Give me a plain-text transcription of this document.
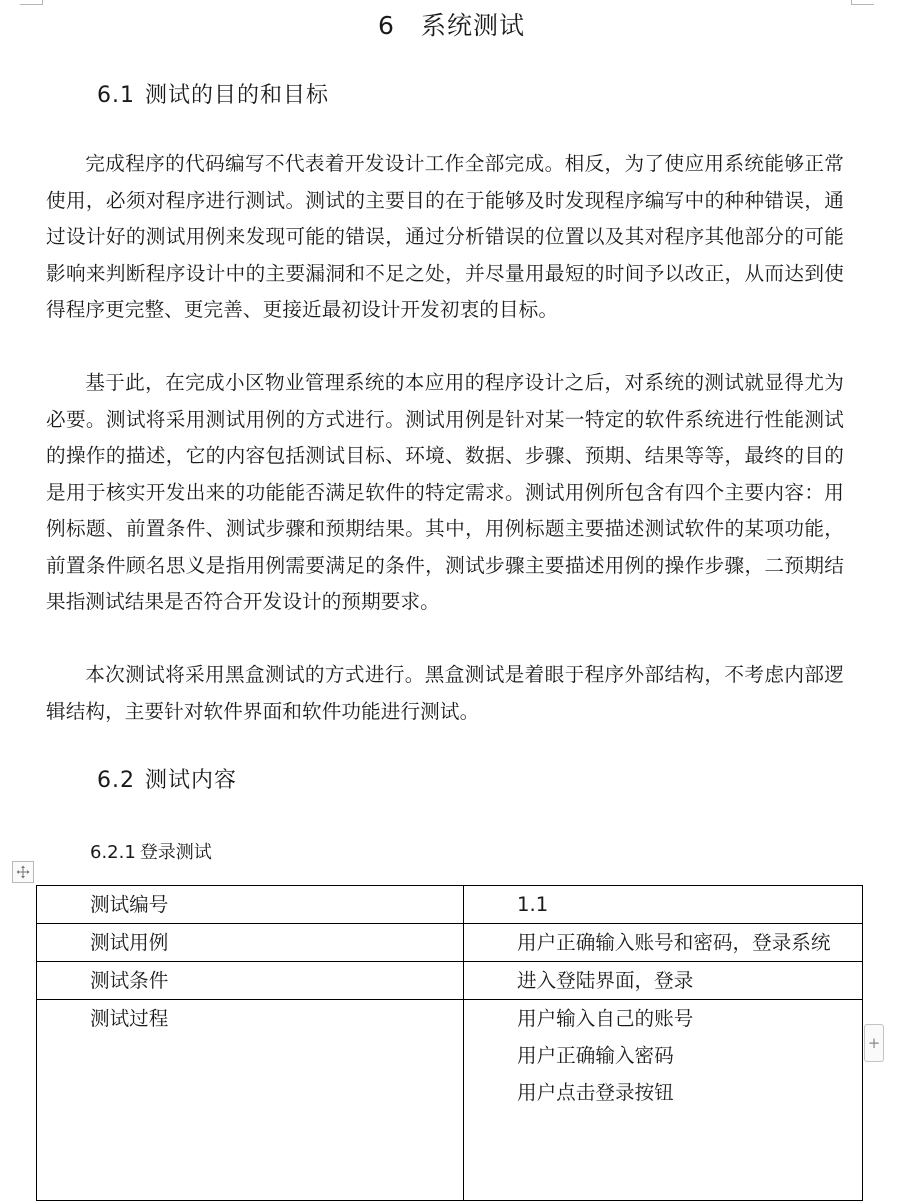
6 系统测试
6.1 测试的目的和目标

完成程序的代码编写不代表着开发设计工作全部完成。相反，为了使应用系统能够正常使用，必须对程序进行测试。测试的主要目的在于能够及时发现程序编写中的种种错误，通过设计好的测试用例来发现可能的错误，通过分析错误的位置以及其对程序其他部分的可能影响来判断程序设计中的主要漏洞和不足之处，并尽量用最短的时间予以改正，从而达到使得程序更完整、更完善、更接近最初设计开发初衷的目标。

基于此，在完成小区物业管理系统的本应用的程序设计之后，对系统的测试就显得尤为必要。测试将采用测试用例的方式进行。测试用例是针对某一特定的软件系统进行性能测试的操作的描述，它的内容包括测试目标、环境、数据、步骤、预期、结果等等，最终的目的是用于核实开发出来的功能能否满足软件的特定需求。测试用例所包含有四个主要内容：用例标题、前置条件、测试步骤和预期结果。其中，用例标题主要描述测试软件的某项功能，前置条件顾名思义是指用例需要满足的条件，测试步骤主要描述用例的操作步骤，二预期结果指测试结果是否符合开发设计的预期要求。

本次测试将采用黑盒测试的方式进行。黑盒测试是着眼于程序外部结构，不考虑内部逻辑结构，主要针对软件界面和软件功能进行测试。

6.2 测试内容
6.2.1 登录测试
测试编号	1.1
测试用例	用户正确输入账号和密码，登录系统
测试条件	进入登陆界面，登录
测试过程	用户输入自己的账号
用户正确输入密码
用户点击登录按钮
+
